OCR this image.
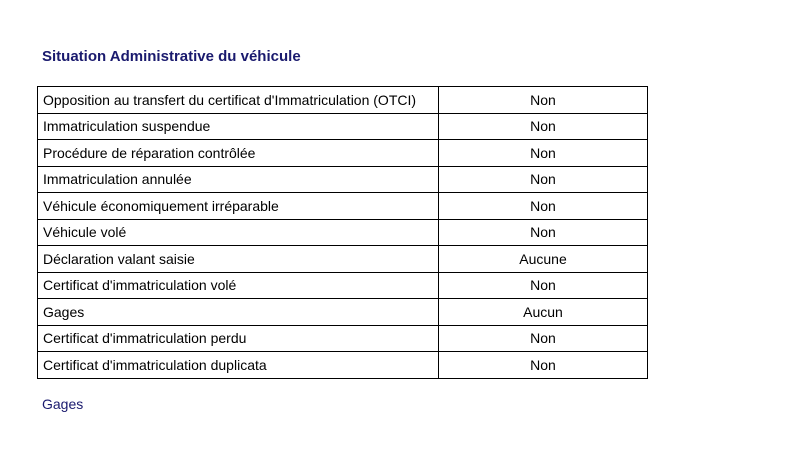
Situation Administrative du véhicule
Opposition au transfert du certificat d'Immatriculation (OTCI)	Non
Immatriculation suspendue	Non
Procédure de réparation contrôlée	Non
Immatriculation annulée	Non
Véhicule économiquement irréparable	Non
Véhicule volé	Non
Déclaration valant saisie	Aucune
Certificat d'immatriculation volé	Non
Gages	Aucun
Certificat d'immatriculation perdu	Non
Certificat d'immatriculation duplicata	Non

Gages
